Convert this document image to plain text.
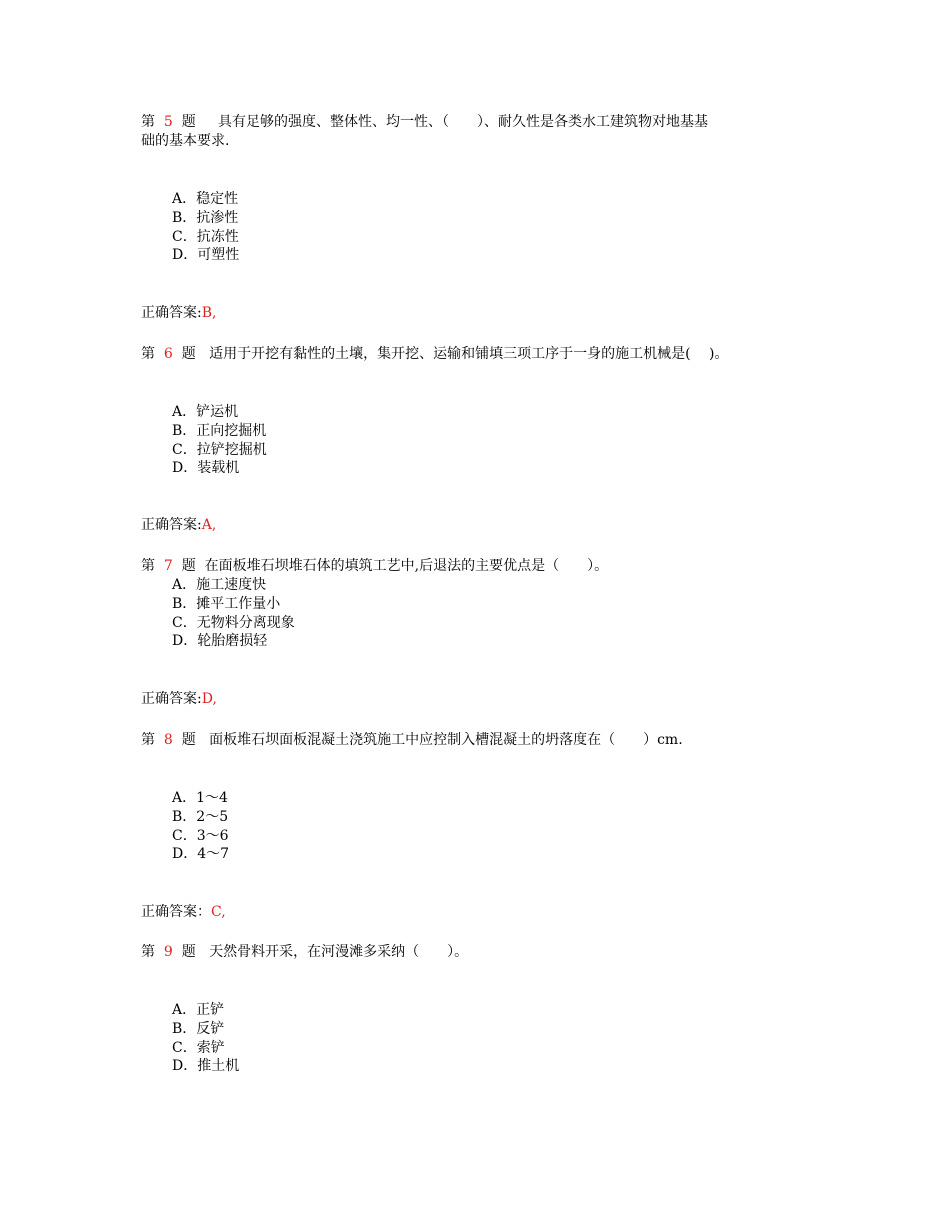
第 5 题 具有足够的强度、整体性、均一性、（　　）、耐久性是各类水工建筑物对地基基
础的基本要求.
A．稳定性
B．抗渗性
C．抗冻性
D．可塑性
正确答案:B,
第 6 题 适用于开挖有黏性的土壤，集开挖、运输和铺填三项工序于一身的施工机械是(　 )。
A．铲运机
B．正向挖掘机
C．拉铲挖掘机
D．装载机
正确答案:A,
第 7 题 在面板堆石坝堆石体的填筑工艺中,后退法的主要优点是（　　）。
A．施工速度快
B．摊平工作量小
C．无物料分离现象
D．轮胎磨损轻
正确答案:D,
第 8 题 面板堆石坝面板混凝土浇筑施工中应控制入槽混凝土的坍落度在（　　）cm.
A．1～4
B．2～5
C．3～6
D．4～7
正确答案：C,
第 9 题 天然骨料开采，在河漫滩多采纳（　　）。
A．正铲
B．反铲
C．索铲
D．推土机
